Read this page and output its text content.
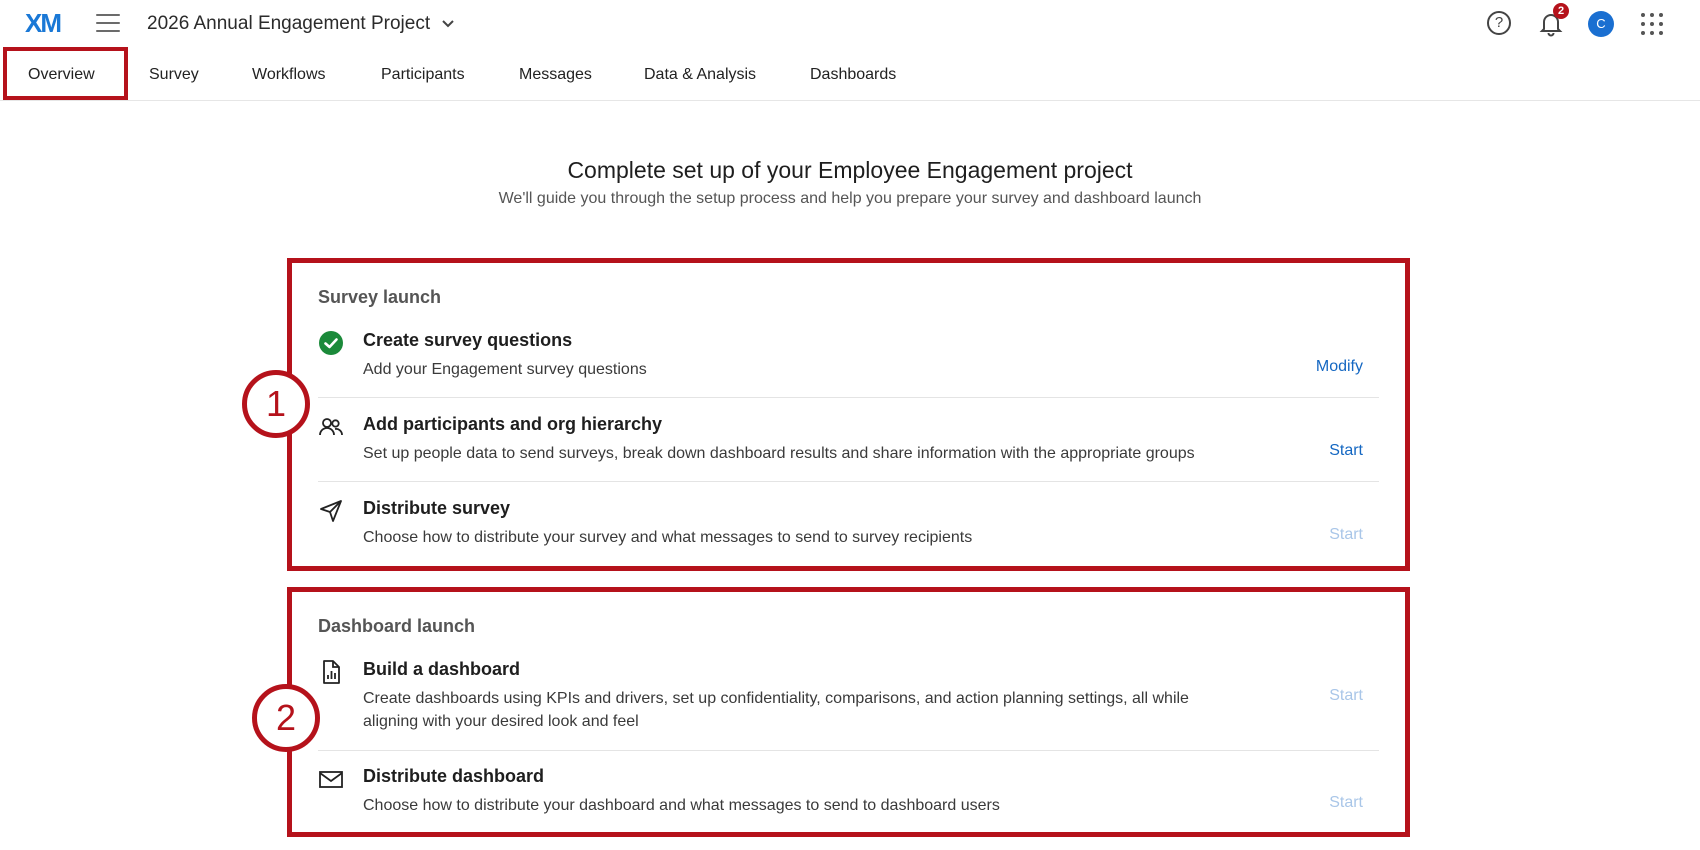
XM	2026 Annual Engagement Project	?
2
C
Overview	Survey	Workflows	Participants	Messages	Data & Analysis	Dashboards
Complete set up of your Employee Engagement project
We'll guide you through the setup process and help you prepare your survey and dashboard launch
Survey launch
Create survey questions
Add your Engagement survey questions	Modify
Add participants and org hierarchy
Set up people data to send surveys, break down dashboard results and share information with the appropriate groups	Start
Distribute survey
Choose how to distribute your survey and what messages to send to survey recipients	Start
1
Dashboard launch
Build a dashboard
Create dashboards using KPIs and drivers, set up confidentiality, comparisons, and action planning settings, all while aligning with your desired look and feel
Start
Distribute dashboard
Choose how to distribute your dashboard and what messages to send to dashboard users	Start
2
